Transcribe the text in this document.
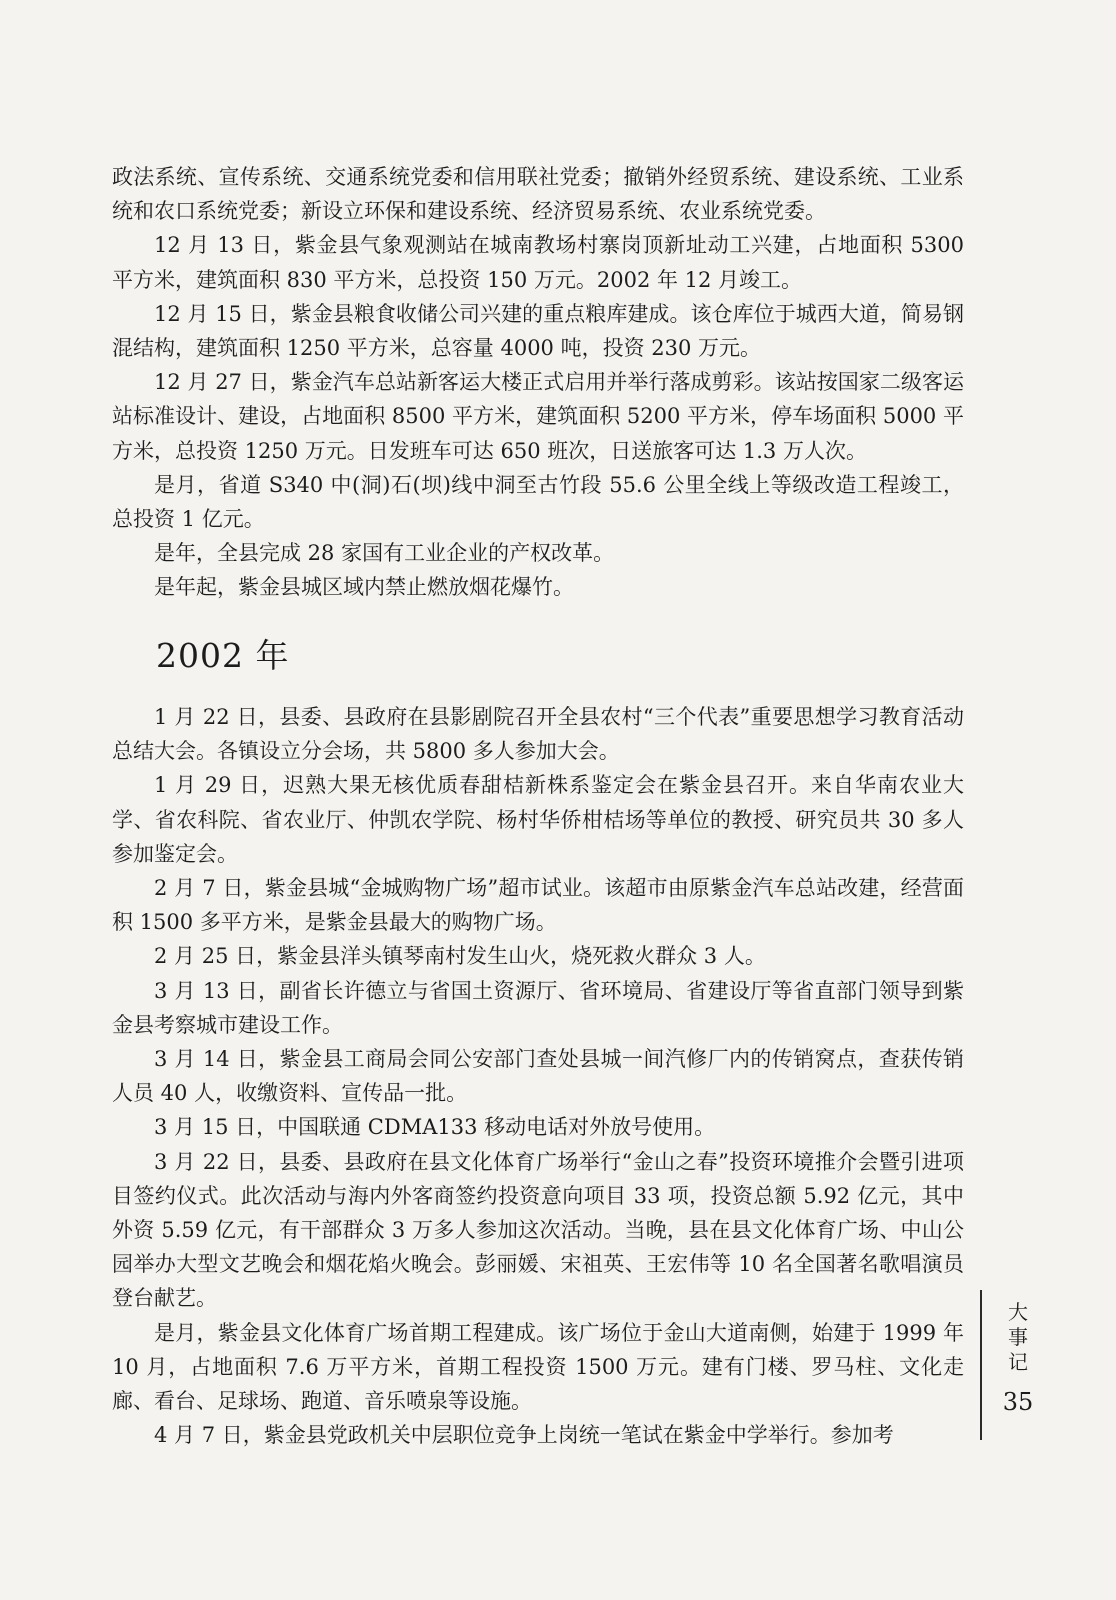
政法系统、宣传系统、交通系统党委和信用联社党委；撤销外经贸系统、建设系统、工业系统和农口系统党委；新设立环保和建设系统、经济贸易系统、农业系统党委。

12 月 13 日，紫金县气象观测站在城南教场村寨岗顶新址动工兴建，占地面积 5300 平方米，建筑面积 830 平方米，总投资 150 万元。2002 年 12 月竣工。

12 月 15 日，紫金县粮食收储公司兴建的重点粮库建成。该仓库位于城西大道，简易钢混结构，建筑面积 1250 平方米，总容量 4000 吨，投资 230 万元。

12 月 27 日，紫金汽车总站新客运大楼正式启用并举行落成剪彩。该站按国家二级客运站标准设计、建设，占地面积 8500 平方米，建筑面积 5200 平方米，停车场面积 5000 平方米，总投资 1250 万元。日发班车可达 650 班次，日送旅客可达 1.3 万人次。

是月，省道 S340 中(洞)石(坝)线中洞至古竹段 55.6 公里全线上等级改造工程竣工，总投资 1 亿元。

是年，全县完成 28 家国有工业企业的产权改革。

是年起，紫金县城区域内禁止燃放烟花爆竹。

2002 年

1 月 22 日，县委、县政府在县影剧院召开全县农村“三个代表”重要思想学习教育活动总结大会。各镇设立分会场，共 5800 多人参加大会。

1 月 29 日，迟熟大果无核优质春甜桔新株系鉴定会在紫金县召开。来自华南农业大学、省农科院、省农业厅、仲凯农学院、杨村华侨柑桔场等单位的教授、研究员共 30 多人参加鉴定会。

2 月 7 日，紫金县城“金城购物广场”超市试业。该超市由原紫金汽车总站改建，经营面积 1500 多平方米，是紫金县最大的购物广场。

2 月 25 日，紫金县洋头镇琴南村发生山火，烧死救火群众 3 人。

3 月 13 日，副省长许德立与省国土资源厅、省环境局、省建设厅等省直部门领导到紫金县考察城市建设工作。

3 月 14 日，紫金县工商局会同公安部门查处县城一间汽修厂内的传销窝点，查获传销人员 40 人，收缴资料、宣传品一批。

3 月 15 日，中国联通 CDMA133 移动电话对外放号使用。

3 月 22 日，县委、县政府在县文化体育广场举行“金山之春”投资环境推介会暨引进项目签约仪式。此次活动与海内外客商签约投资意向项目 33 项，投资总额 5.92 亿元，其中外资 5.59 亿元，有干部群众 3 万多人参加这次活动。当晚，县在县文化体育广场、中山公园举办大型文艺晚会和烟花焰火晚会。彭丽媛、宋祖英、王宏伟等 10 名全国著名歌唱演员登台献艺。

是月，紫金县文化体育广场首期工程建成。该广场位于金山大道南侧，始建于 1999 年 10 月，占地面积 7.6 万平方米，首期工程投资 1500 万元。建有门楼、罗马柱、文化走廊、看台、足球场、跑道、音乐喷泉等设施。

4 月 7 日，紫金县党政机关中层职位竞争上岗统一笔试在紫金中学举行。参加考

大事记
35
